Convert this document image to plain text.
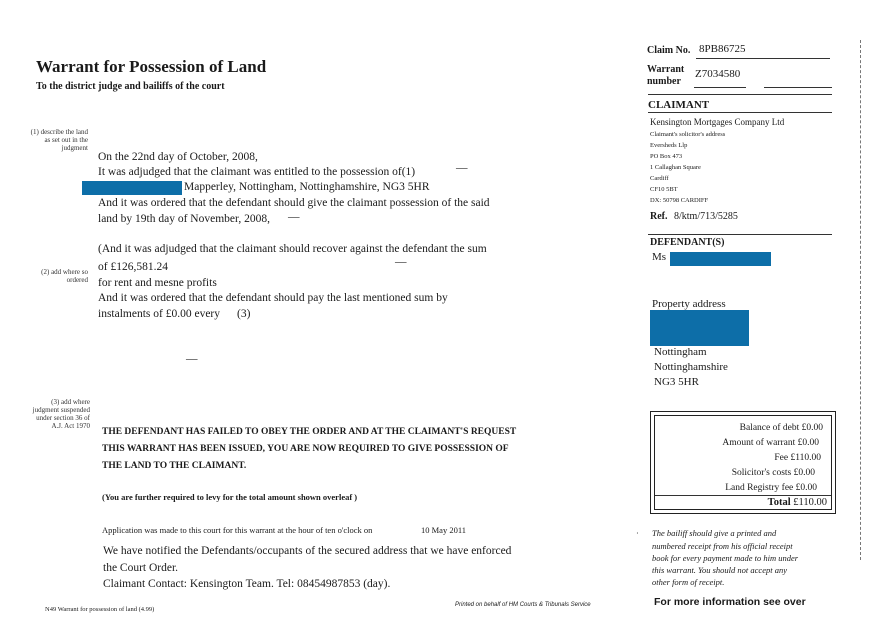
Warrant for Possession of Land
To the district judge and bailiffs of the court
(1) describe the land as set out in the judgment
(2) add where so ordered
(3) add where judgment suspended under section 36 of A.J. Act 1970
On the 22nd day of October, 2008,
It was adjudged that the claimant was entitled to the possession of(1)	—
Mapperley, Nottingham, Nottinghamshire, NG3 5HR
And it was ordered that the defendant should give the claimant possession of the said
land by 19th day of November, 2008, —
(And it was adjudged that the claimant should recover against the defendant the sum
of £126,581.24	—
for rent and mesne profits
And it was ordered that the defendant should pay the last mentioned sum by
instalments of £0.00 every (3)
—
THE DEFENDANT HAS FAILED TO OBEY THE ORDER AND AT THE CLAIMANT'S REQUEST
THIS WARRANT HAS BEEN ISSUED, YOU ARE NOW REQUIRED TO GIVE POSSESSION OF
THE LAND TO THE CLAIMANT.
(You are further required to levy for the total amount shown overleaf )
Application was made to this court for this warrant at the hour of ten o'clock on	10 May 2011
We have notified the Defendants/occupants of the secured address that we have enforced
the Court Order.
Claimant Contact: Kensington Team. Tel: 08454987853 (day).
N49 Warrant for possession of land (4.99)
Printed on behalf of HM Courts & Tribunals Service	For more information see over
Claim No. 8PB86725
Warrant
number
Z7034580
CLAIMANT
Kensington Mortgages Company Ltd
Claimant's solicitor's address
Eversheds Llp
PO Box 473
1 Callaghan Square
Cardiff
CF10 5BT
DX: 50798 CARDIFF
Ref. 8/ktm/713/5285
DEFENDANT(S)
Ms
Property address
Nottingham
Nottinghamshire
NG3 5HR
Balance of debt £0.00
Amount of warrant £0.00
Fee £110.00
Solicitor's costs £0.00
Land Registry fee £0.00
Total £110.00
The bailiff should give a printed and
numbered receipt from his official receipt
book for every payment made to him under
this warrant. You should not accept any
other form of receipt.
·
